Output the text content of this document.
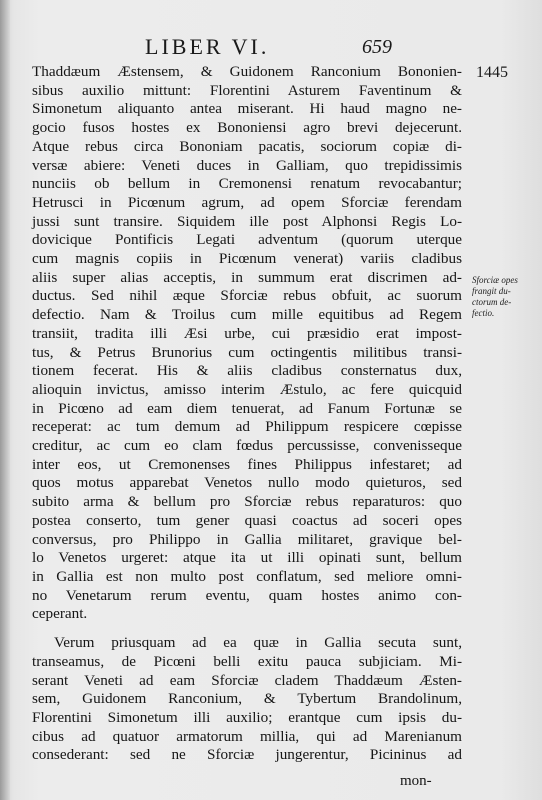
LIBER VI.	659
1445
Sforciæ opes
frangit du-
ctorum de-
fectio.
Thaddæum Æstensem, & Guidonem Ranconium Bononien-
sibus auxilio mittunt: Florentini Asturem Faventinum &
Simonetum aliquanto antea miserant. Hi haud magno ne-
gocio fusos hostes ex Bononiensi agro brevi dejecerunt.
Atque rebus circa Bononiam pacatis, sociorum copiæ di-
versæ abiere: Veneti duces in Galliam, quo trepidissimis
nunciis ob bellum in Cremonensi renatum revocabantur;
Hetrusci in Picœnum agrum, ad opem Sforciæ ferendam
jussi sunt transire. Siquidem ille post Alphonsi Regis Lo-
dovicique Pontificis Legati adventum (quorum uterque
cum magnis copiis in Picœnum venerat) variis cladibus
aliis super alias acceptis, in summum erat discrimen ad-
ductus. Sed nihil æque Sforciæ rebus obfuit, ac suorum
defectio. Nam & Troilus cum mille equitibus ad Regem
transiit, tradita illi Æsi urbe, cui præsidio erat impost-
tus, & Petrus Brunorius cum octingentis militibus transi-
tionem fecerat. His & aliis cladibus consternatus dux,
alioquin invictus, amisso interim Æstulo, ac fere quicquid
in Picœno ad eam diem tenuerat, ad Fanum Fortunæ se
receperat: ac tum demum ad Philippum respicere cœpisse
creditur, ac cum eo clam fœdus percussisse, convenisseque
inter eos, ut Cremonenses fines Philippus infestaret; ad
quos motus apparebat Venetos nullo modo quieturos, sed
subito arma & bellum pro Sforciæ rebus reparaturos: quo
postea conserto, tum gener quasi coactus ad soceri opes
conversus, pro Philippo in Gallia militaret, gravique bel-
lo Venetos urgeret: atque ita ut illi opinati sunt, bellum
in Gallia est non multo post conflatum, sed meliore omni-
no Venetarum rerum eventu, quam hostes animo con-
ceperant.
Verum priusquam ad ea quæ in Gallia secuta sunt,
transeamus, de Picœni belli exitu pauca subjiciam. Mi-
serant Veneti ad eam Sforciæ cladem Thaddæum Æsten-
sem, Guidonem Ranconium, & Tybertum Brandolinum,
Florentini Simonetum illi auxilio; erantque cum ipsis du-
cibus ad quatuor armatorum millia, qui ad Marenianum
consederant: sed ne Sforciæ jungerentur, Picininus ad
mon-
